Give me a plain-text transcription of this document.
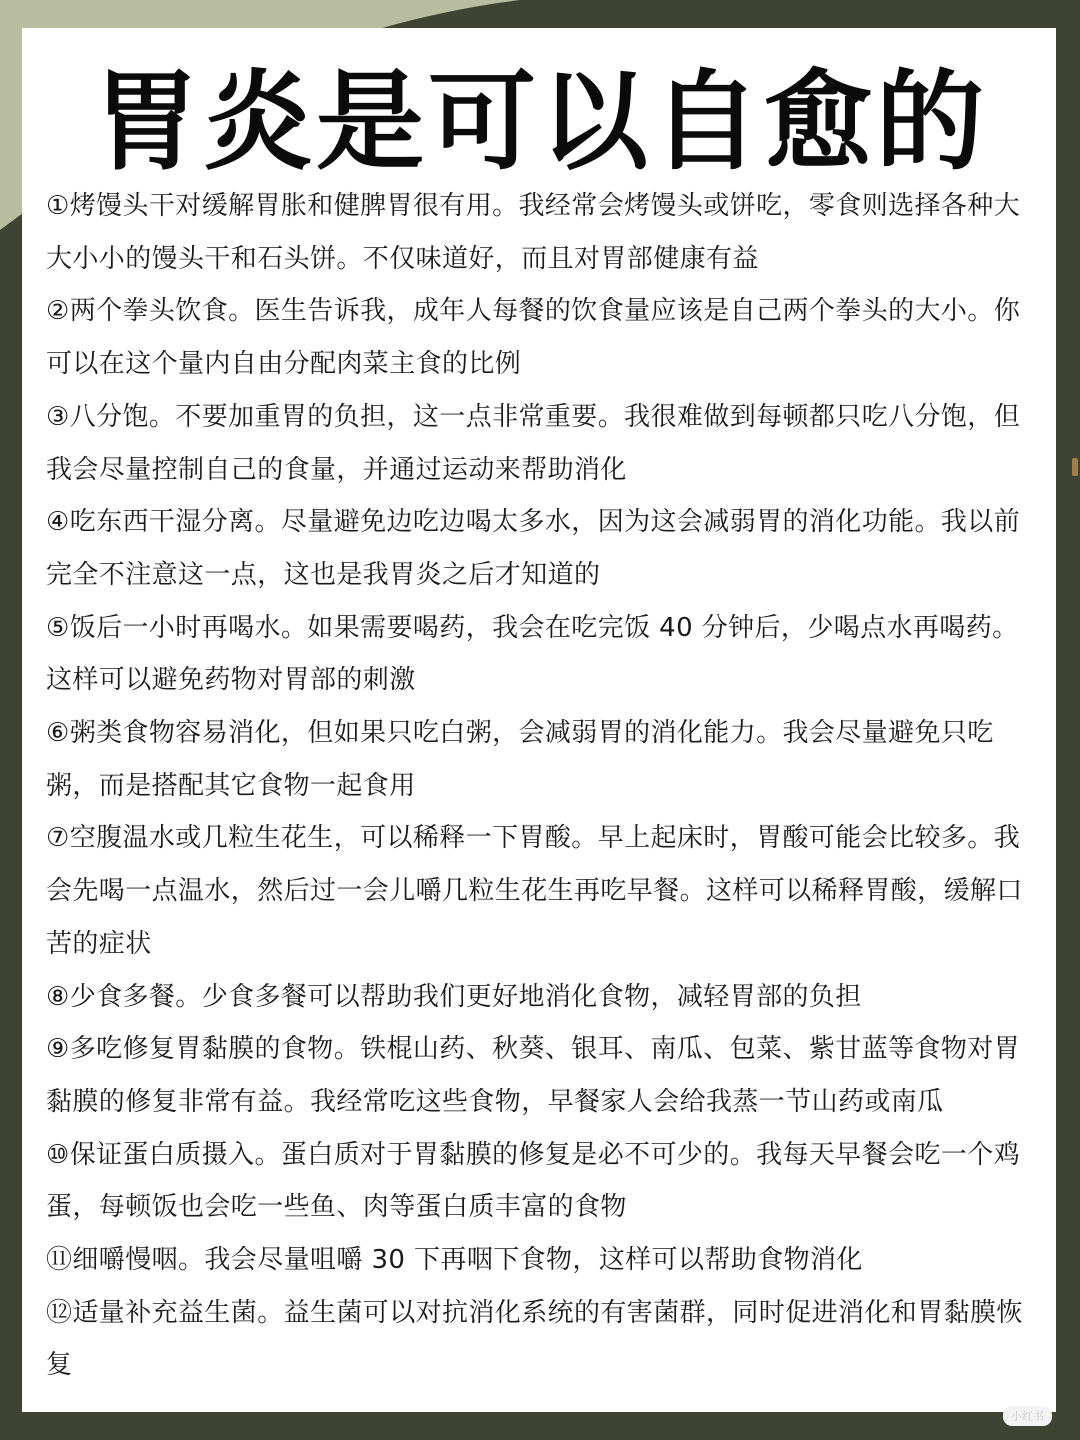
胃炎是可以自愈的
①烤馒头干对缓解胃胀和健脾胃很有用。我经常会烤馒头或饼吃，零食则选择各种大大小小的馒头干和石头饼。不仅味道好，而且对胃部健康有益
②两个拳头饮食。医生告诉我，成年人每餐的饮食量应该是自己两个拳头的大小。你可以在这个量内自由分配肉菜主食的比例
③八分饱。不要加重胃的负担，这一点非常重要。我很难做到每顿都只吃八分饱，但我会尽量控制自己的食量，并通过运动来帮助消化
④吃东西干湿分离。尽量避免边吃边喝太多水，因为这会减弱胃的消化功能。我以前完全不注意这一点，这也是我胃炎之后才知道的
⑤饭后一小时再喝水。如果需要喝药，我会在吃完饭 40 分钟后，少喝点水再喝药。这样可以避免药物对胃部的刺激
⑥粥类食物容易消化，但如果只吃白粥，会减弱胃的消化能力。我会尽量避免只吃粥，而是搭配其它食物一起食用
⑦空腹温水或几粒生花生，可以稀释一下胃酸。早上起床时，胃酸可能会比较多。我会先喝一点温水，然后过一会儿嚼几粒生花生再吃早餐。这样可以稀释胃酸，缓解口苦的症状
⑧少食多餐。少食多餐可以帮助我们更好地消化食物，减轻胃部的负担
⑨多吃修复胃黏膜的食物。铁棍山药、秋葵、银耳、南瓜、包菜、紫甘蓝等食物对胃黏膜的修复非常有益。我经常吃这些食物，早餐家人会给我蒸一节山药或南瓜
⑩保证蛋白质摄入。蛋白质对于胃黏膜的修复是必不可少的。我每天早餐会吃一个鸡蛋，每顿饭也会吃一些鱼、肉等蛋白质丰富的食物
⑪细嚼慢咽。我会尽量咀嚼 30 下再咽下食物，这样可以帮助食物消化
⑫适量补充益生菌。益生菌可以对抗消化系统的有害菌群，同时促进消化和胃黏膜恢复
小红书
